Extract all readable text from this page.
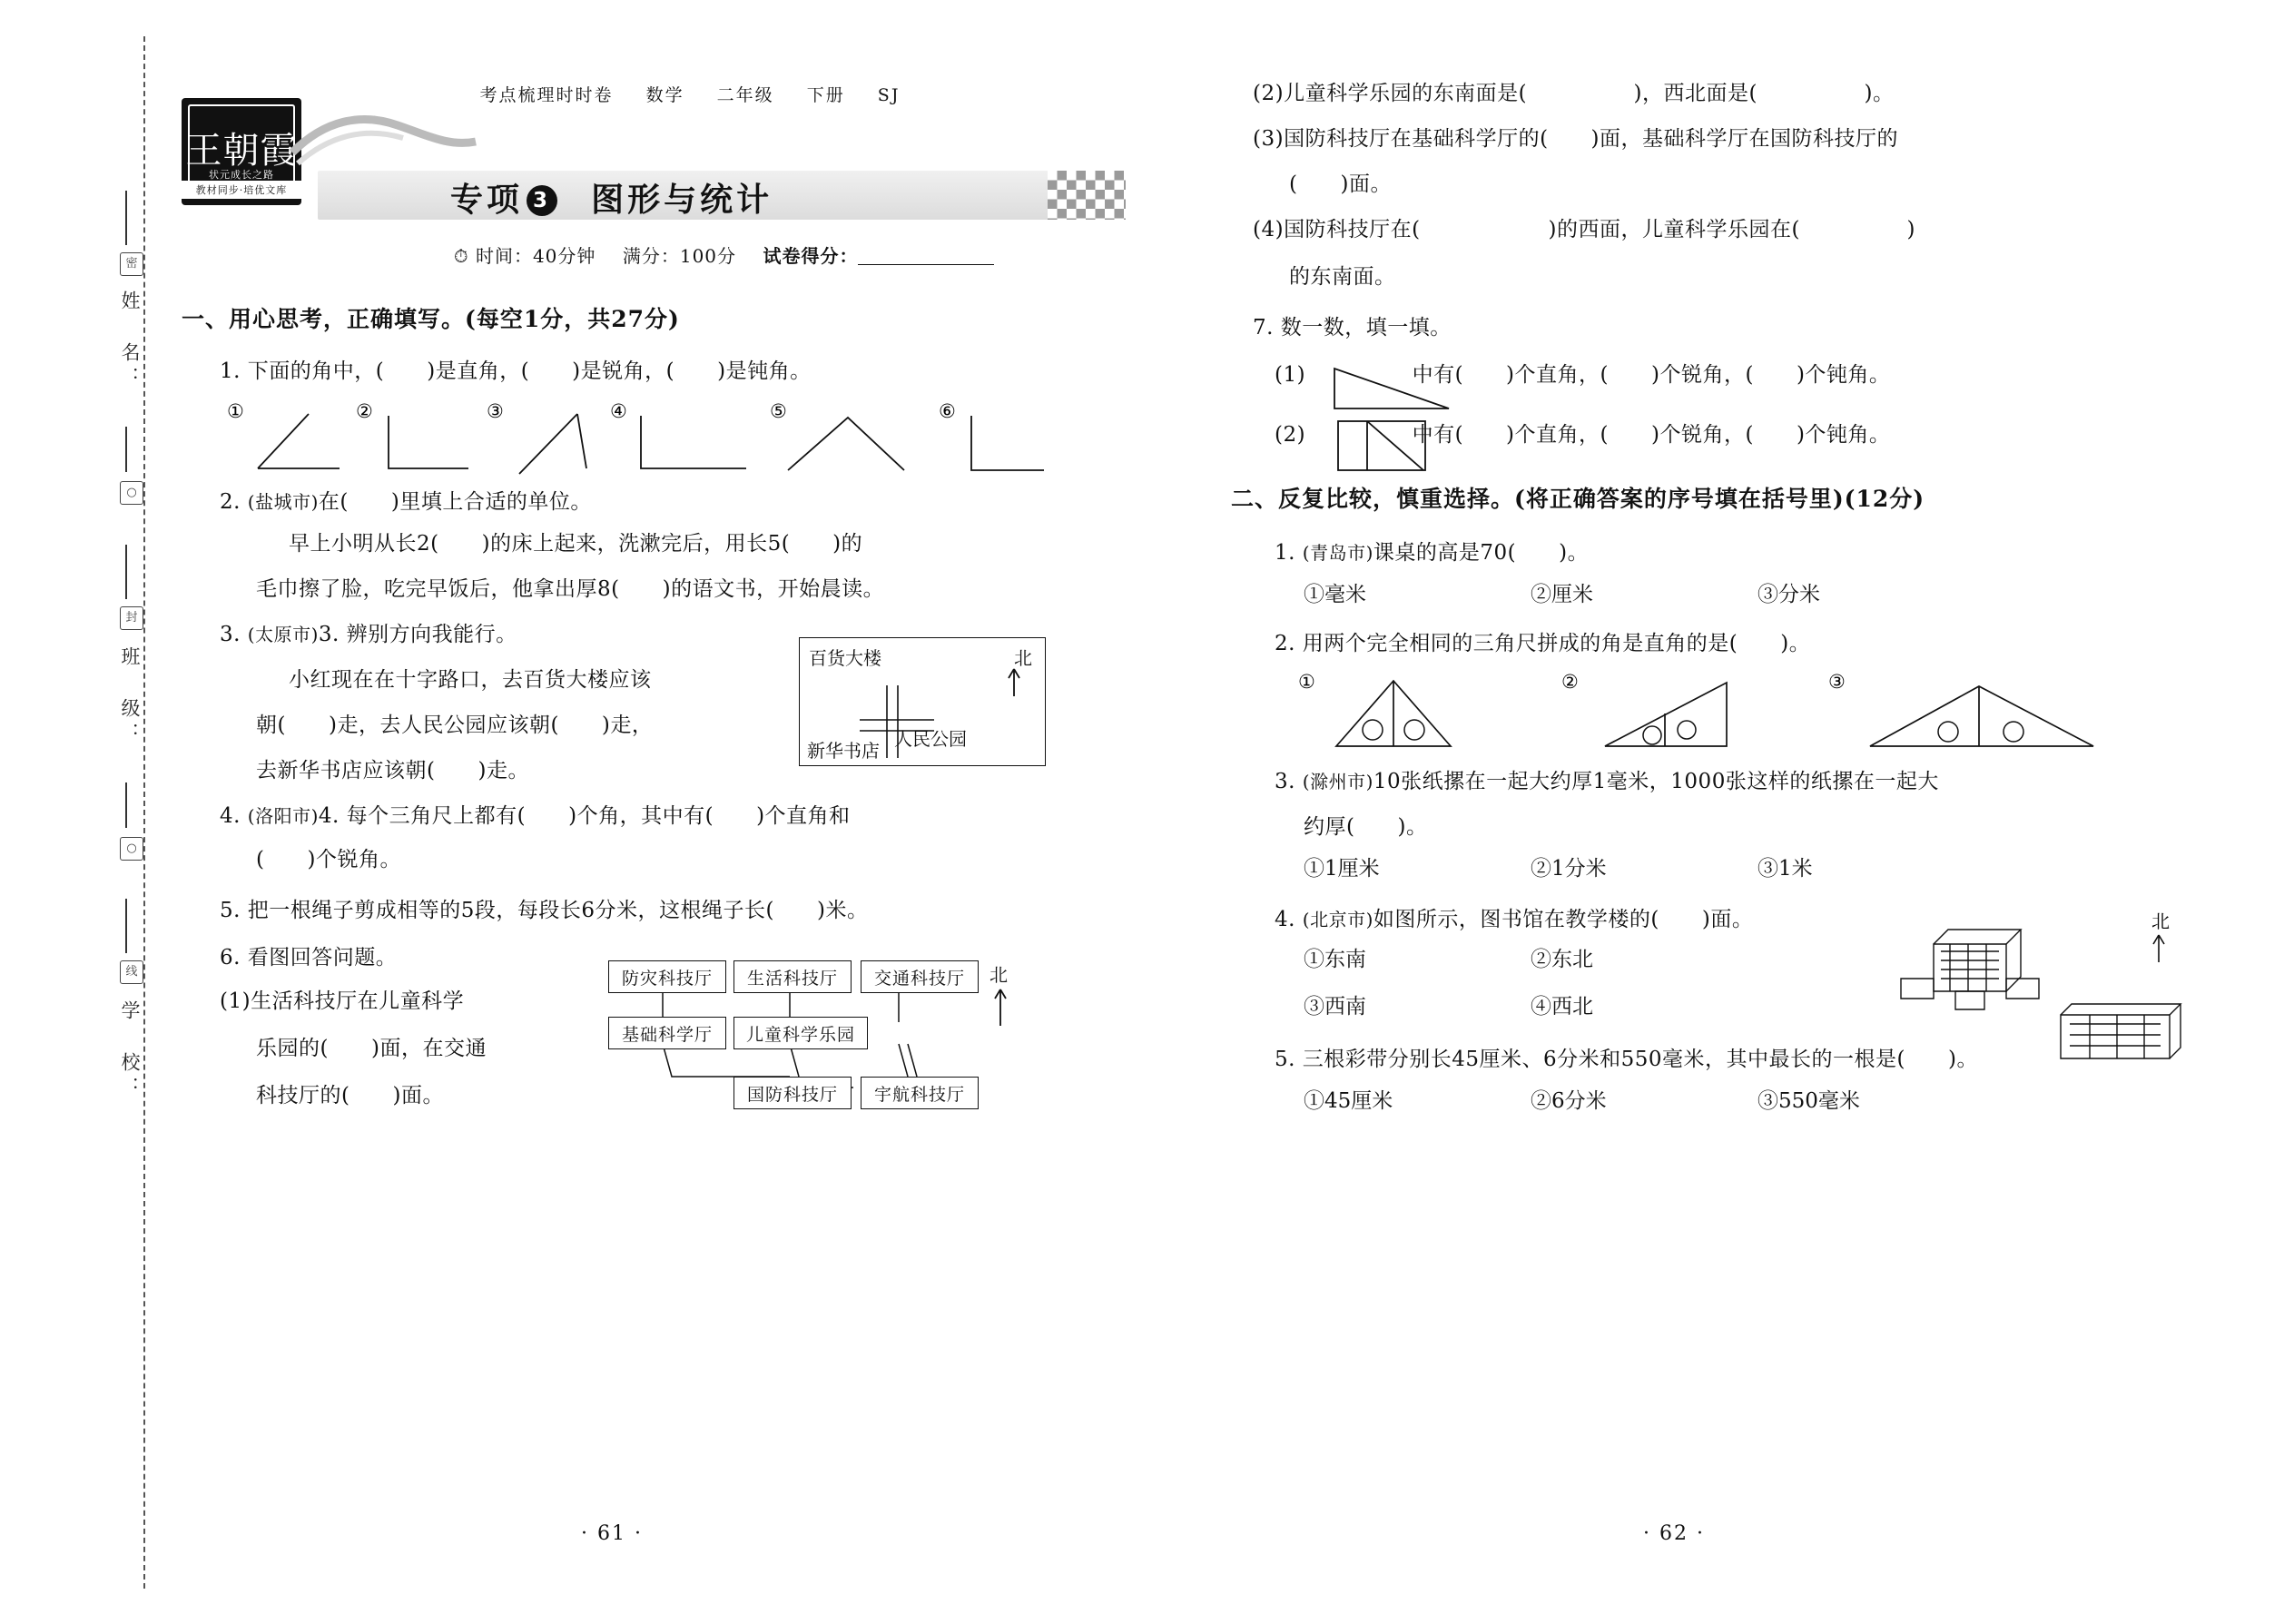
密
姓 名：
○
封
班 级：
○
线
学 校：
考点梳理时时卷 数学 二年级 下册 SJ
王朝霞
状元成长之路
教材同步·培优文库	专项 3 图形与统计
⏱ 时间：40分钟 满分：100分 试卷得分：
一、用心思考，正确填写。(每空1分，共27分)
1. 下面的角中，(　　)是直角，(　　)是锐角，(　　)是钝角。
①	②	③	④	⑤	⑥
2. ( 盐城市 ) 在(　　)里填上合适的单位。
早上小明从长2(　　)的床上起来，洗漱完后，用长5(　　)的
毛巾擦了脸，吃完早饭后，他拿出厚8(　　)的语文书，开始晨读。
3. ( 太原市 ) 3. 辨别方向我能行。
小红现在在十字路口，去百货大楼应该
朝(　　)走，去人民公园应该朝(　　)走，
去新华书店应该朝(　　)走。
百货大楼	北
人民公园
新华书店
4. ( 洛阳市 ) 4. 每个三角尺上都有(　　)个角，其中有(　　)个直角和
(　　)个锐角。
5. 把一根绳子剪成相等的5段，每段长6分米，这根绳子长(　　)米。
6. 看图回答问题。
(1)生活科技厅在儿童科学
乐园的(　　)面，在交通
科技厅的(　　)面。
防灾科技厅	生活科技厅	交通科技厅
基础科学厅	儿童科学乐园
国防科技厅	宇航科技厅
北
· 61 ·
(2)儿童科学乐园的东南面是(　　　　　)，西北面是(　　　　　)。
(3)国防科技厅在基础科学厅的(　　)面，基础科学厅在国防科技厅的
(　　)面。
(4)国防科技厅在(　　　　　　)的西面，儿童科学乐园在(　　　　　)
的东南面。
7. 数一数，填一填。
(1)　　　　　中有(　　)个直角，(　　)个锐角，(　　)个钝角。
(2)　　　　　中有(　　)个直角，(　　)个锐角，(　　)个钝角。
二、反复比较，慎重选择。(将正确答案的序号填在括号里)(12分)
1. ( 青岛市 ) 课桌的高是70(　　)。
①毫米	②厘米	③分米
2. 用两个完全相同的三角尺拼成的角是直角的是(　　)。
①	②	③
3. ( 滁州市 ) 10张纸摞在一起大约厚1毫米，1000张这样的纸摞在一起大
约厚(　　)。
①1厘米	②1分米	③1米
4. ( 北京市 ) 如图所示，图书馆在教学楼的(　　)面。
①东南	②东北
③西南	④西北
北
5. 三根彩带分别长45厘米、6分米和550毫米，其中最长的一根是(　　)。
①45厘米	②6分米	③550毫米
· 62 ·
